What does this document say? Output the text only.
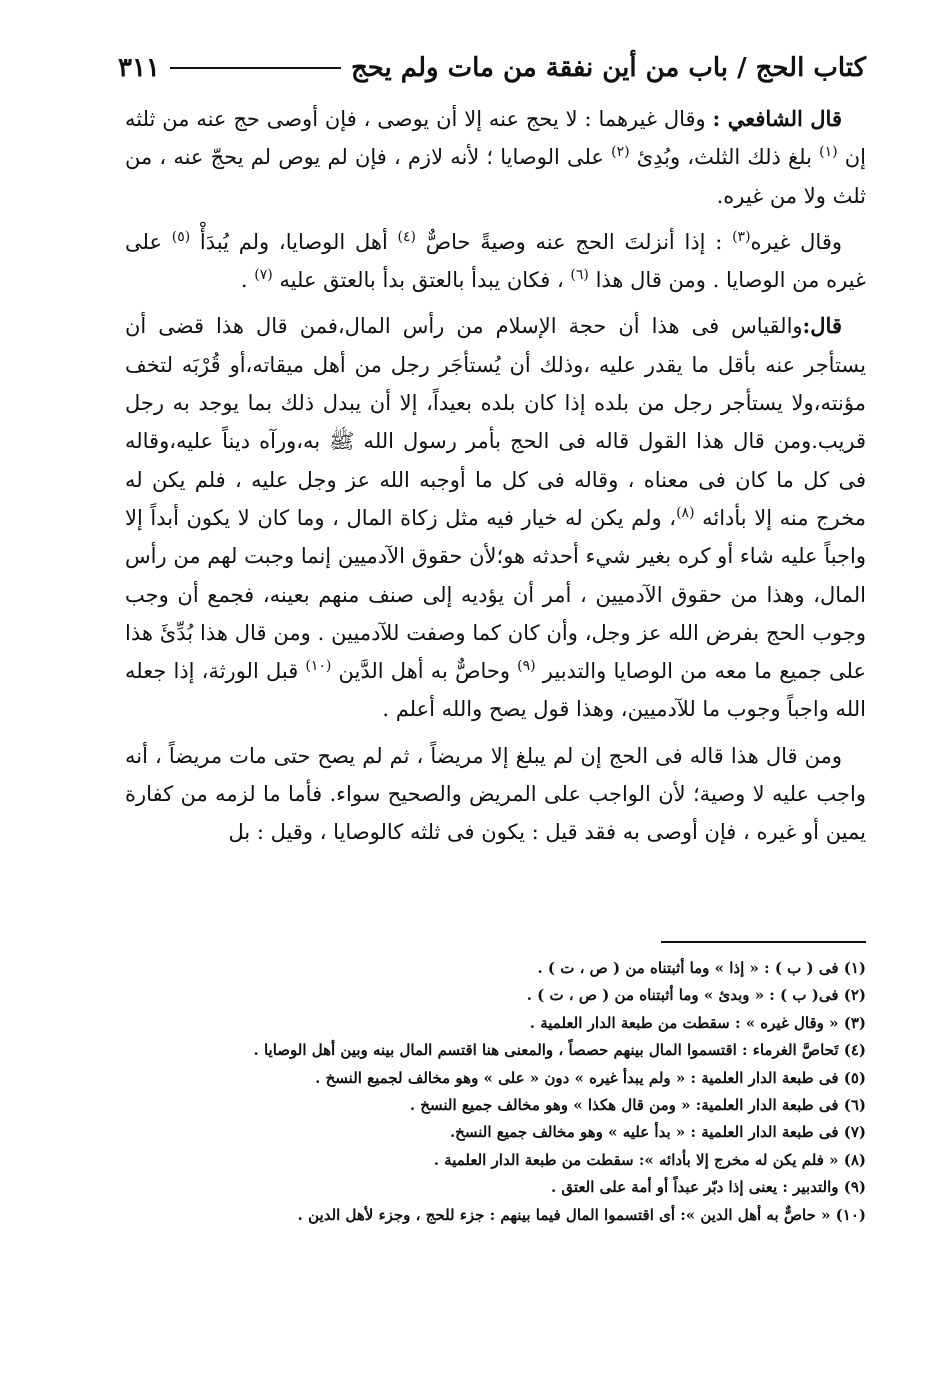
كتاب الحج / باب من أين نفقة من مات ولم يحج
٣١١

قال الشافعي : وقال غيرهما : لا يحج عنه إلا أن يوصى ، فإن أوصى حج عنه من ثلثه إن $^{(١)}$ بلغ ذلك الثلث، وبُدِئ $^{(٢)}$ على الوصايا ؛ لأنه لازم ، فإن لم يوص لم يحجّ عنه ، من ثلث ولا من غيره.

وقال غيره$^{(٣)}$ : إذا أنزلتَ الحج عنه وصيةً حاصٌّ $^{(٤)}$ أهل الوصايا، ولم يُبدَأْ $^{(٥)}$ على غيره من الوصايا . ومن قال هذا $^{(٦)}$ ، فكان يبدأ بالعتق بدأ بالعتق عليه $^{(٧)}$ .

قال:والقياس فى هذا أن حجة الإسلام من رأس المال،فمن قال هذا قضى أن يستأجر عنه بأقل ما يقدر عليه ،وذلك أن يُستأجَر رجل من أهل ميقاته،أو قُرْبَه لتخف مؤنته،ولا يستأجر رجل من بلده إذا كان بلده بعيداً، إلا أن يبدل ذلك بما يوجد به رجل قريب.ومن قال هذا القول قاله فى الحج بأمر رسول الله ﷺ به،ورآه ديناً عليه،وقاله فى كل ما كان فى معناه ، وقاله فى كل ما أوجبه الله عز وجل عليه ، فلم يكن له مخرج منه إلا بأدائه $^{(٨)}$، ولم يكن له خيار فيه مثل زكاة المال ، وما كان لا يكون أبداً إلا واجباً عليه شاء أو كره بغير شيء أحدثه هو؛لأن حقوق الآدميين إنما وجبت لهم من رأس المال، وهذا من حقوق الآدميين ، أمر أن يؤديه إلى صنف منهم بعينه، فجمع أن وجب وجوب الحج بفرض الله عز وجل، وأن كان كما وصفت للآدميين . ومن قال هذا بُدِّئَ هذا على جميع ما معه من الوصايا والتدبير $^{(٩)}$ وحاصٌّ به أهل الدَّين $^{(١٠)}$ قبل الورثة، إذا جعله الله واجباً وجوب ما للآدميين، وهذا قول يصح والله أعلم .

ومن قال هذا قاله فى الحج إن لم يبلغ إلا مريضاً ، ثم لم يصح حتى مات مريضاً ، أنه واجب عليه لا وصية؛ لأن الواجب على المريض والصحيح سواء. فأما ما لزمه من كفارة يمين أو غيره ، فإن أوصى به فقد قيل : يكون فى ثلثه كالوصايا ، وقيل : بل

(١) فى ( ب ) : « إذا » وما أثبتناه من ( ص ، ت ) .
(٢) فى( ب ) : « وبدئ » وما أثبتناه من ( ص ، ت ) .
(٣) « وقال غيره » : سقطت من طبعة الدار العلمية .
(٤) تَحاصَّ الغرماء : اقتسموا المال بينهم حصصاً ، والمعنى هنا اقتسم المال بينه وبين أهل الوصايا .
(٥) فى طبعة الدار العلمية : « ولم يبدأ غيره » دون « على » وهو مخالف لجميع النسخ .
(٦) فى طبعة الدار العلمية: « ومن قال هكذا » وهو مخالف جميع النسخ .
(٧) فى طبعة الدار العلمية : « بدأ عليه » وهو مخالف جميع النسخ.
(٨) « فلم يكن له مخرج إلا بأدائه »: سقطت من طبعة الدار العلمية .
(٩) والتدبير : يعنى إذا دبّر عبداً أو أمة على العتق .
(١٠) « حاصٌّ به أهل الدين »: أى اقتسموا المال فيما بينهم : جزء للحج ، وجزء لأهل الدين .
